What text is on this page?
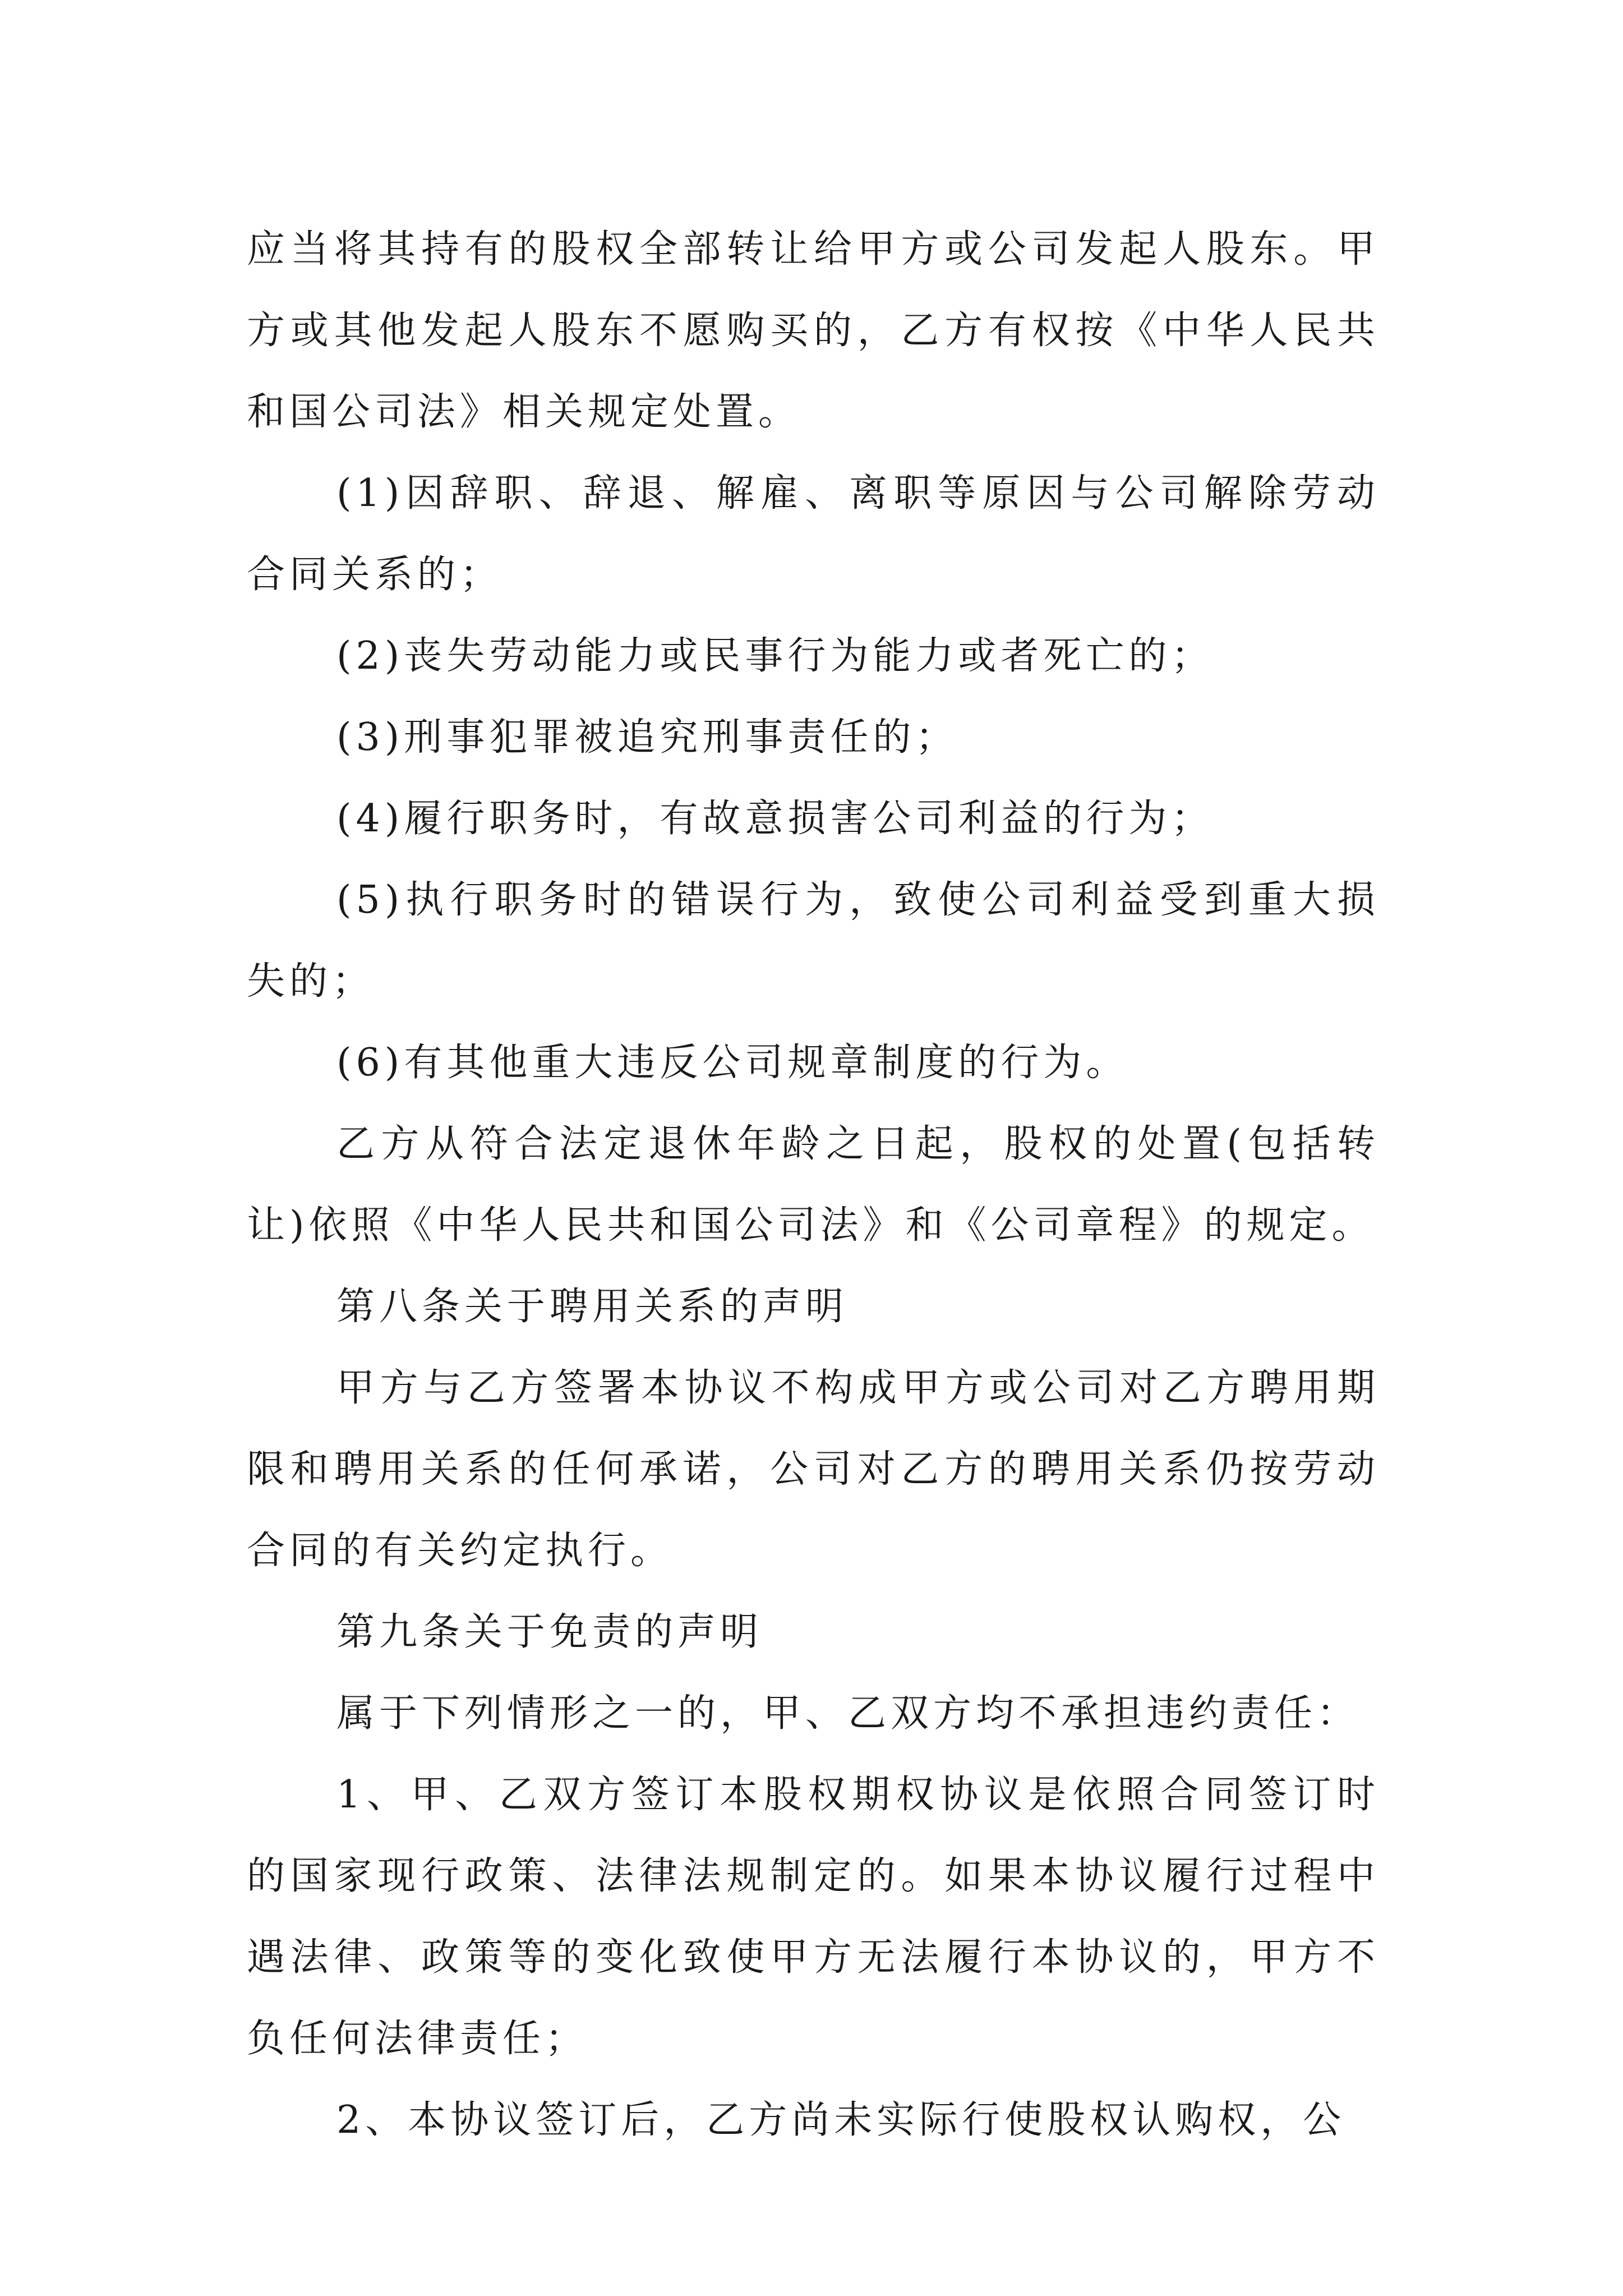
应当将其持有的股权全部转让给甲方或公司发起人股东。甲方或其他发起人股东不愿购买的，乙方有权按《中华人民共和国公司法》相关规定处置。

(1)因辞职、辞退、解雇、离职等原因与公司解除劳动合同关系的；

(2)丧失劳动能力或民事行为能力或者死亡的；

(3)刑事犯罪被追究刑事责任的；

(4)履行职务时，有故意损害公司利益的行为；

(5)执行职务时的错误行为，致使公司利益受到重大损失的；

(6)有其他重大违反公司规章制度的行为。

乙方从符合法定退休年龄之日起，股权的处置(包括转让)依照《中华人民共和国公司法》和《公司章程》的规定。

第八条关于聘用关系的声明

甲方与乙方签署本协议不构成甲方或公司对乙方聘用期限和聘用关系的任何承诺，公司对乙方的聘用关系仍按劳动合同的有关约定执行。

第九条关于免责的声明

属于下列情形之一的，甲、乙双方均不承担违约责任：

1、甲、乙双方签订本股权期权协议是依照合同签订时的国家现行政策、法律法规制定的。如果本协议履行过程中遇法律、政策等的变化致使甲方无法履行本协议的，甲方不负任何法律责任；

2、本协议签订后，乙方尚未实际行使股权认购权，公
